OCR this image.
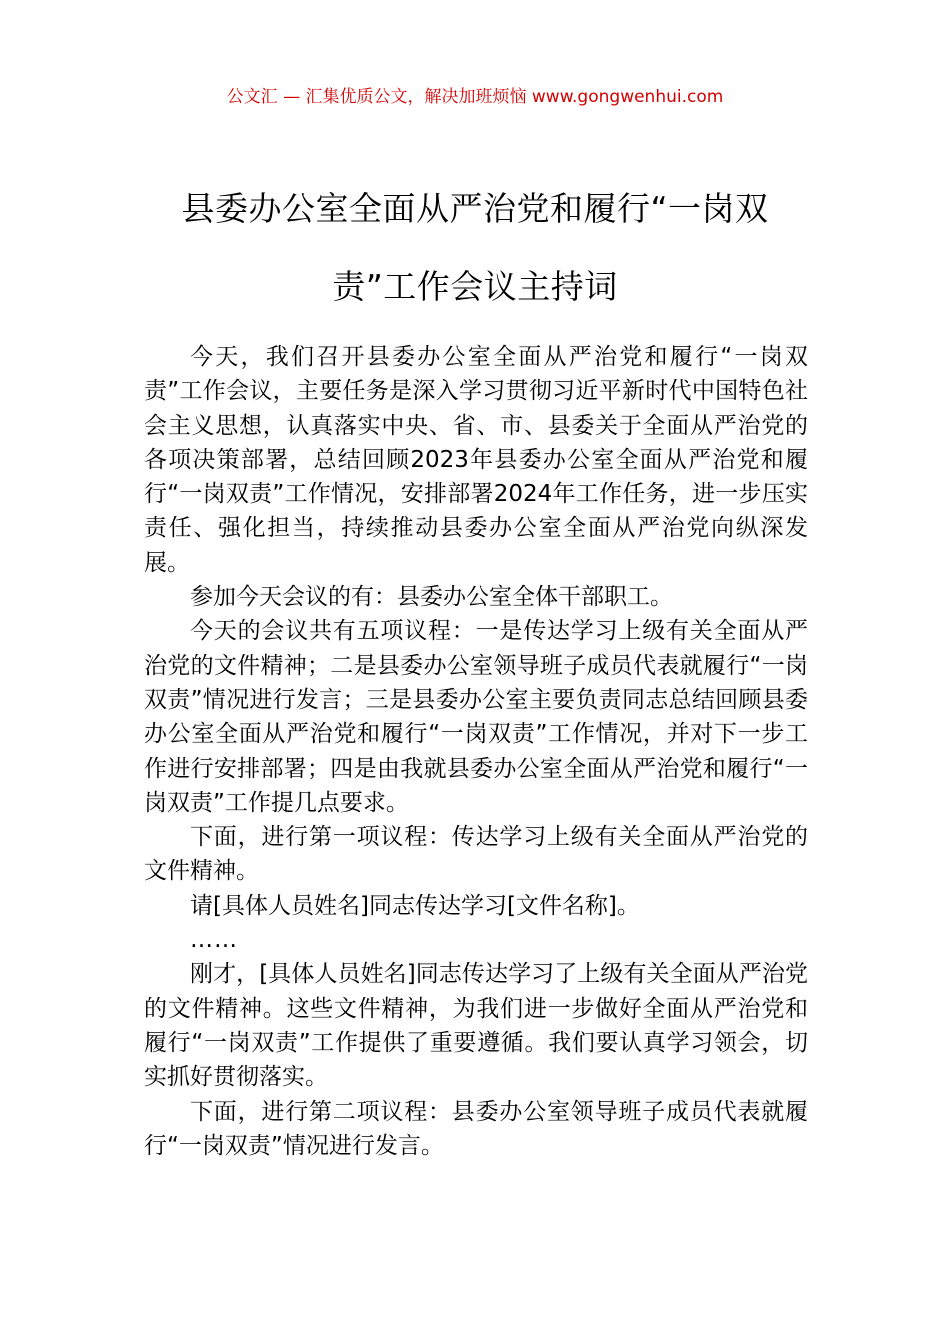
公文汇 — 汇集优质公文，解决加班烦恼 www.gongwenhui.com
县委办公室全面从严治党和履行“一岗双责”工作会议主持词

今天，我们召开县委办公室全面从严治党和履行“一岗双责”工作会议，主要任务是深入学习贯彻习近平新时代中国特色社会主义思想，认真落实中央、省、市、县委关于全面从严治党的各项决策部署，总结回顾2023年县委办公室全面从严治党和履行“一岗双责”工作情况，安排部署2024年工作任务，进一步压实责任、强化担当，持续推动县委办公室全面从严治党向纵深发展。

参加今天会议的有：县委办公室全体干部职工。

今天的会议共有五项议程：一是传达学习上级有关全面从严治党的文件精神；二是县委办公室领导班子成员代表就履行“一岗双责”情况进行发言；三是县委办公室主要负责同志总结回顾县委办公室全面从严治党和履行“一岗双责”工作情况，并对下一步工作进行安排部署；四是由我就县委办公室全面从严治党和履行“一岗双责”工作提几点要求。

下面，进行第一项议程：传达学习上级有关全面从严治党的文件精神。

请[具体人员姓名]同志传达学习[文件名称]。

……

刚才，[具体人员姓名]同志传达学习了上级有关全面从严治党的文件精神。这些文件精神，为我们进一步做好全面从严治党和履行“一岗双责”工作提供了重要遵循。我们要认真学习领会，切实抓好贯彻落实。

下面，进行第二项议程：县委办公室领导班子成员代表就履行“一岗双责”情况进行发言。
